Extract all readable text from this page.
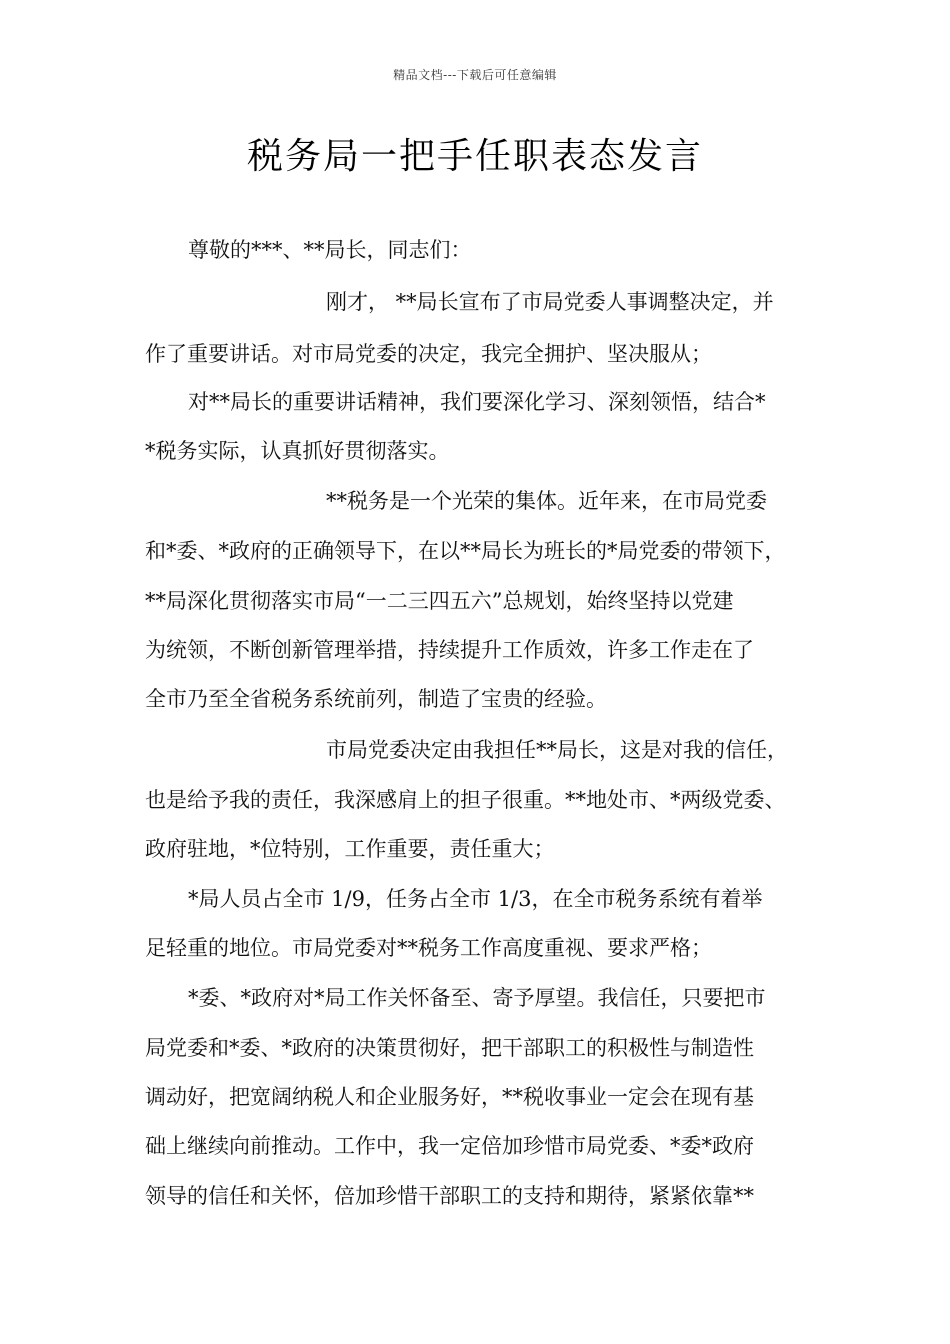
精品文档---下载后可任意编辑
税务局一把手任职表态发言
尊敬的***、**局长，同志们：
刚才， **局长宣布了市局党委人事调整决定，并
作了重要讲话。对市局党委的决定，我完全拥护、坚决服从；
对**局长的重要讲话精神，我们要深化学习、深刻领悟，结合*
*税务实际，认真抓好贯彻落实。
**税务是一个光荣的集体。近年来，在市局党委
和*委、*政府的正确领导下，在以**局长为班长的*局党委的带领下，
**局深化贯彻落实市局“一二三四五六”总规划，始终坚持以党建
为统领，不断创新管理举措，持续提升工作质效，许多工作走在了
全市乃至全省税务系统前列，制造了宝贵的经验。
市局党委决定由我担任**局长，这是对我的信任，
也是给予我的责任，我深感肩上的担子很重。**地处市、*两级党委、
政府驻地，*位特别，工作重要，责任重大；
*局人员占全市 1/9，任务占全市 1/3，在全市税务系统有着举
足轻重的地位。市局党委对**税务工作高度重视、要求严格；
*委、*政府对*局工作关怀备至、寄予厚望。我信任，只要把市
局党委和*委、*政府的决策贯彻好，把干部职工的积极性与制造性
调动好，把宽阔纳税人和企业服务好，**税收事业一定会在现有基
础上继续向前推动。工作中，我一定倍加珍惜市局党委、*委*政府
领导的信任和关怀，倍加珍惜干部职工的支持和期待，紧紧依靠**
